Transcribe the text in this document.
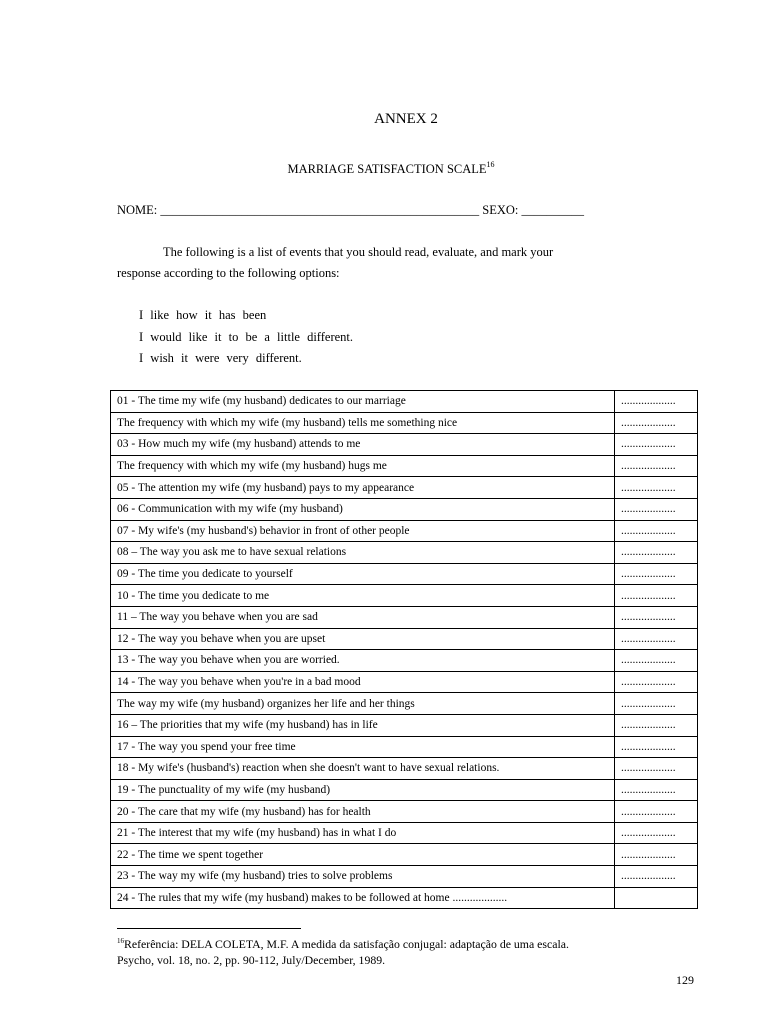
ANNEX 2
MARRIAGE SATISFACTION SCALE$^{16}$
NOME: ___________________________________________________ SEXO: __________
The following is a list of events that you should read, evaluate, and mark your response according to the following options:
I like how it has been
I would like it to be a little different.
I wish it were very different.
01 - The time my wife (my husband) dedicates to our marriage	...................
The frequency with which my wife (my husband) tells me something nice	...................
03 - How much my wife (my husband) attends to me	...................
The frequency with which my wife (my husband) hugs me	...................
05 - The attention my wife (my husband) pays to my appearance	...................
06 - Communication with my wife (my husband)	...................
07 - My wife's (my husband's) behavior in front of other people	...................
08 – The way you ask me to have sexual relations	...................
09 - The time you dedicate to yourself	...................
10 - The time you dedicate to me	...................
11 – The way you behave when you are sad	...................
12 - The way you behave when you are upset	...................
13 - The way you behave when you are worried.	...................
14 - The way you behave when you're in a bad mood	...................
The way my wife (my husband) organizes her life and her things	...................
16 – The priorities that my wife (my husband) has in life	...................
17 - The way you spend your free time	...................
18 - My wife's (husband's) reaction when she doesn't want to have sexual relations.	...................
19 - The punctuality of my wife (my husband)	...................
20 - The care that my wife (my husband) has for health	...................
21 - The interest that my wife (my husband) has in what I do	...................
22 - The time we spent together	...................
23 - The way my wife (my husband) tries to solve problems	...................
24 - The rules that my wife (my husband) makes to be followed at home ...................	
$^{16}$Referência: DELA COLETA, M.F. A medida da satisfação conjugal: adaptação de uma escala.
Psycho, vol. 18, no. 2, pp. 90-112, July/December, 1989.
129
